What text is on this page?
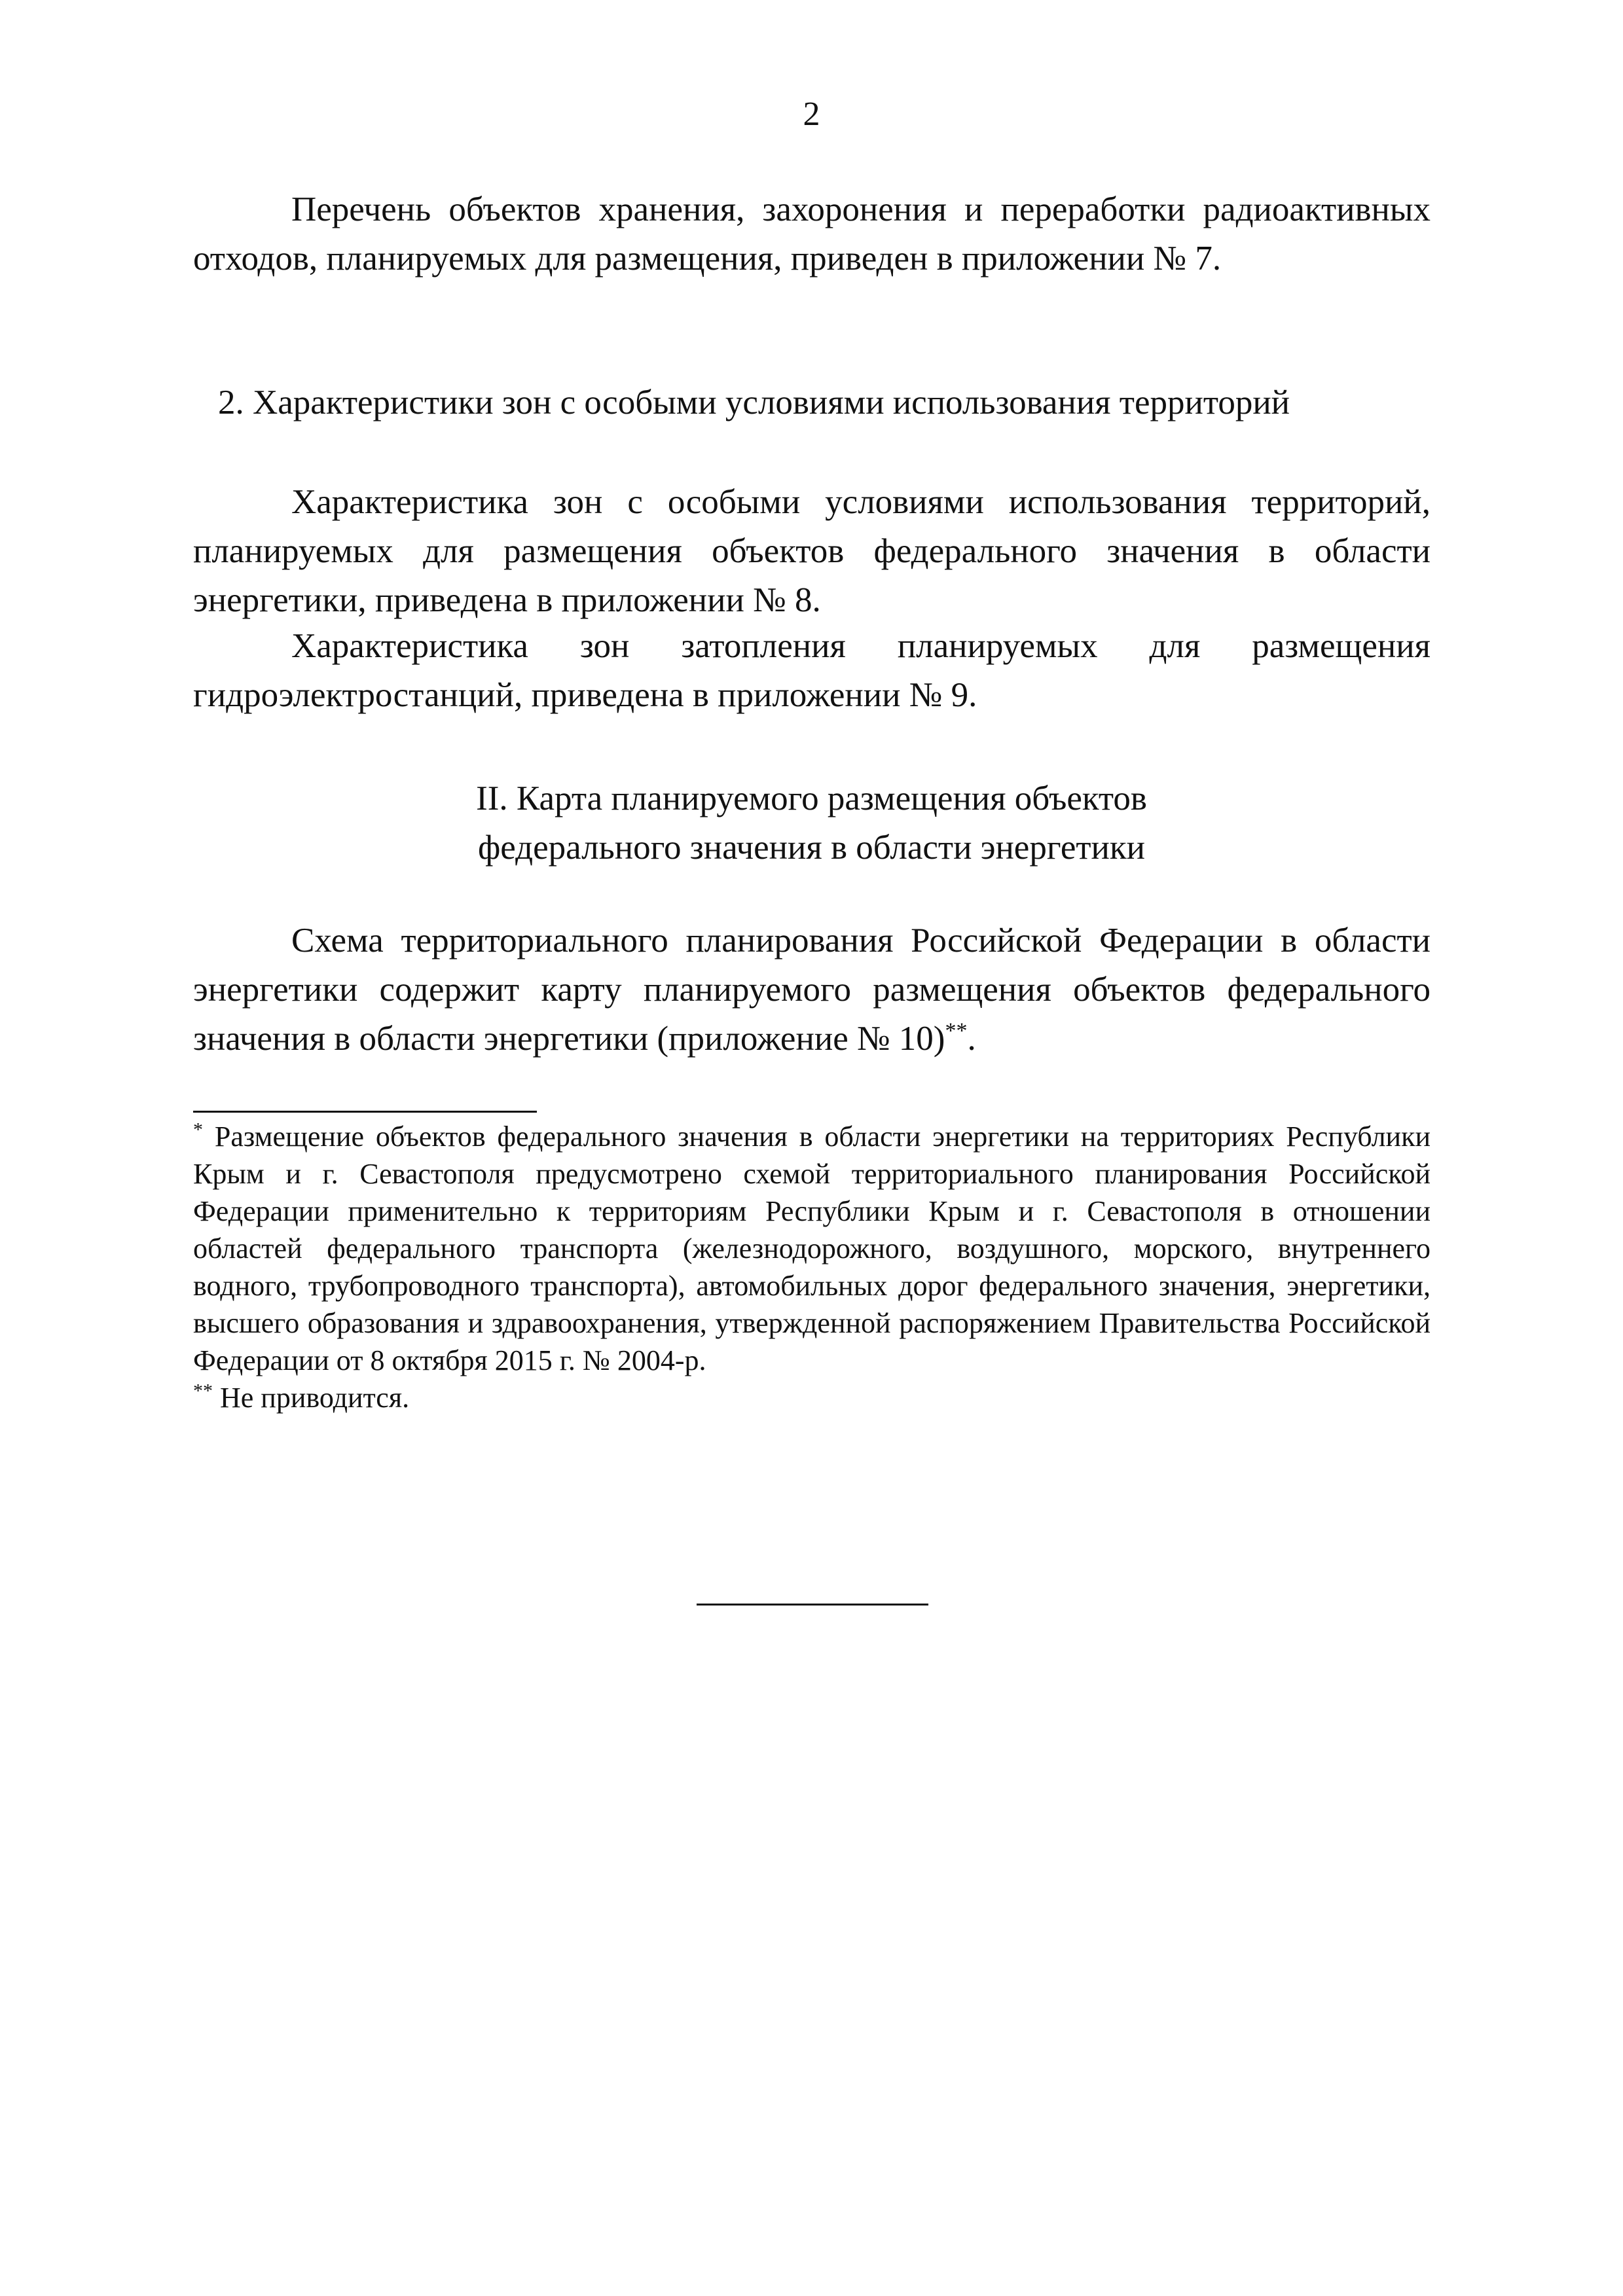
2

Перечень объектов хранения, захоронения и переработки радиоактивных отходов, планируемых для размещения, приведен в приложении № 7.

2. Характеристики зон с особыми условиями использования территорий

Характеристика зон с особыми условиями использования территорий, планируемых для размещения объектов федерального значения в области энергетики, приведена в приложении № 8.

Характеристика зон затопления планируемых для размещения гидроэлектростанций, приведена в приложении № 9.

II. Карта планируемого размещения объектов
федерального значения в области энергетики

Схема территориального планирования Российской Федерации в области энергетики содержит карту планируемого размещения объектов федерального значения в области энергетики (приложение № 10)**.

* Размещение объектов федерального значения в области энергетики на территориях Республики Крым и г. Севастополя предусмотрено схемой территориального планирования Российской Федерации применительно к территориям Республики Крым и г. Севастополя в отношении областей федерального транспорта (железнодорожного, воздушного, морского, внутреннего водного, трубопроводного транспорта), автомобильных дорог федерального значения, энергетики, высшего образования и здравоохранения, утвержденной распоряжением Правительства Российской Федерации от 8 октября 2015 г. № 2004-р.

** Не приводится.
